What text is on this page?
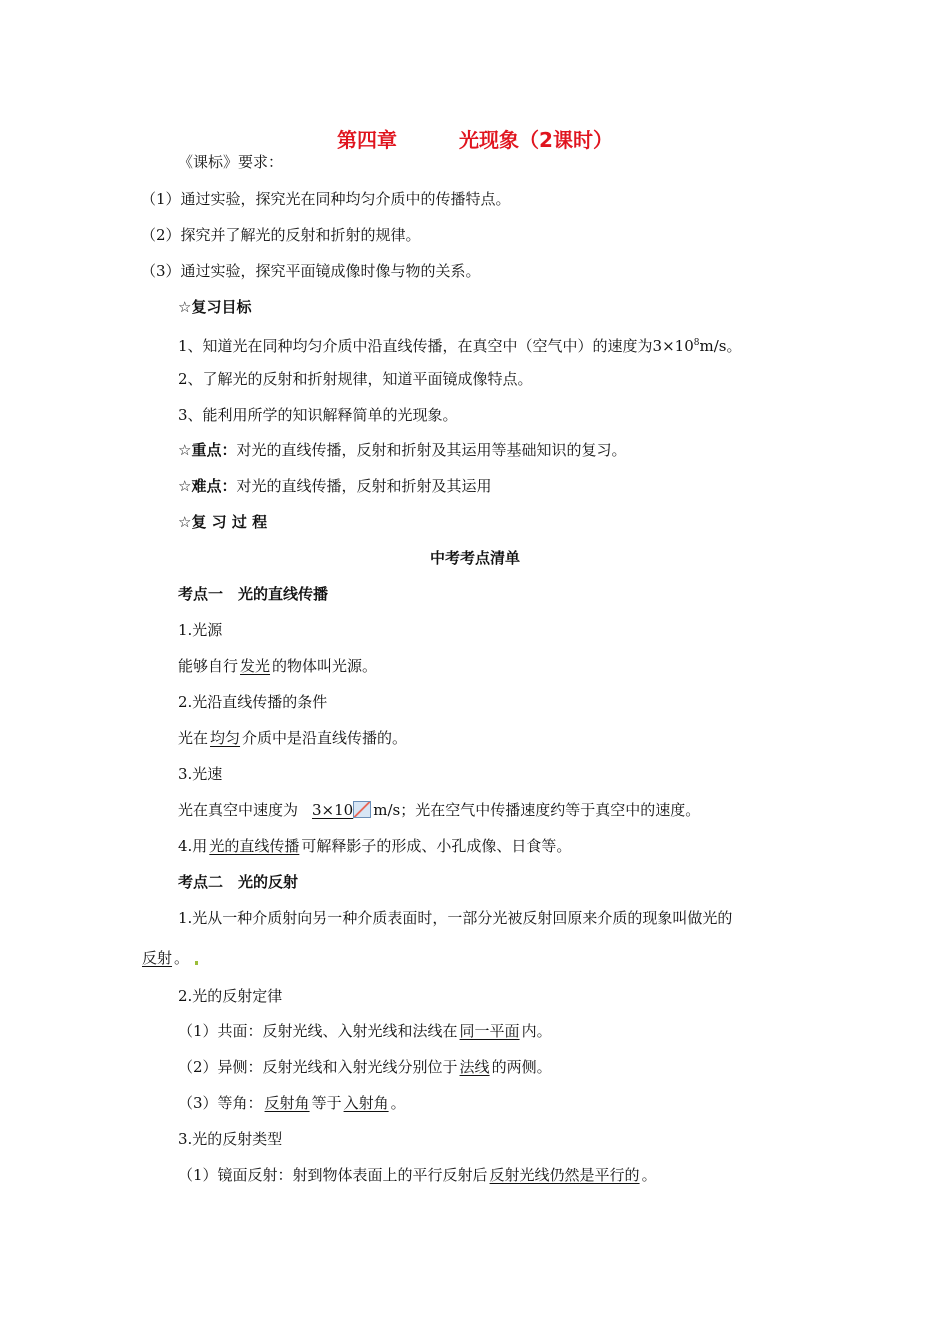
第四章	光现象（2课时）
《课标》要求：
（1）通过实验，探究光在同种均匀介质中的传播特点。
（2）探究并了解光的反射和折射的规律。
（3）通过实验，探究平面镜成像时像与物的关系。
☆复习目标
1、知道光在同种均匀介质中沿直线传播，在真空中（空气中）的速度为$3\times 10^8m/s$。
2、了解光的反射和折射规律，知道平面镜成像特点。
3、能利用所学的知识解释简单的光现象。
☆重点：对光的直线传播，反射和折射及其运用等基础知识的复习。
☆难点：对光的直线传播，反射和折射及其运用
☆复 习 过 程
中考考点清单
考点一　光的直线传播
1.光源
能够自行 发光 的物体叫光源。
2.光沿直线传播的条件
光在 均匀 介质中是沿直线传播的。
3.光速
光在真空中速度为 3×10 m/s；光在空气中传播速度约等于真空中的速度。
4.用 光的直线传播 可解释影子的形成、小孔成像、日食等。
考点二　光的反射
1.光从一种介质射向另一种介质表面时，一部分光被反射回原来介质的现象叫做光的
反射 。
2.光的反射定律
（1）共面：反射光线、入射光线和法线在 同一平面 内。
（2）异侧：反射光线和入射光线分别位于 法线 的两侧。
（3）等角： 反射角 等于 入射角 。
3.光的反射类型
（1）镜面反射：射到物体表面上的平行反射后 反射光线仍然是平行的 。
